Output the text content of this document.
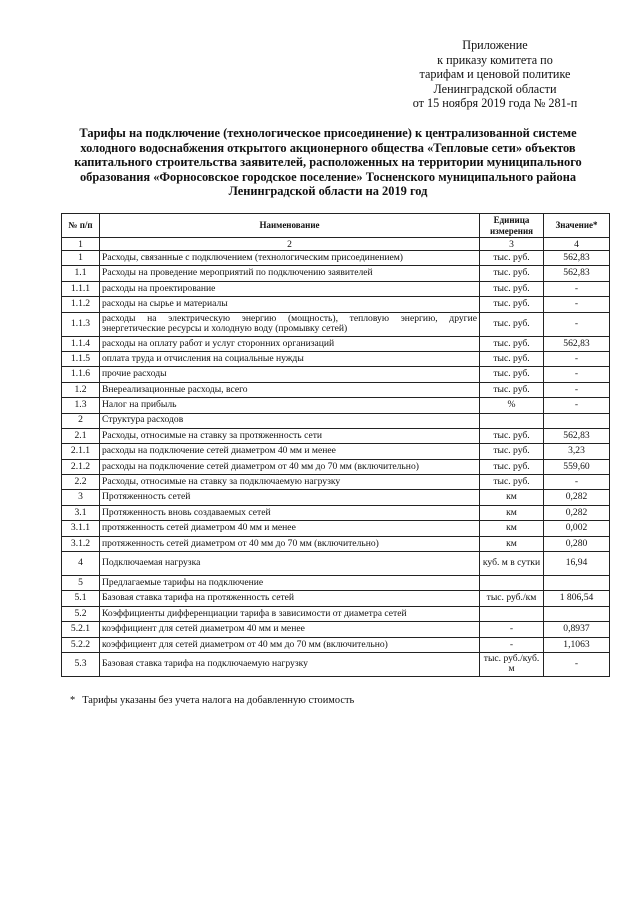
Приложение
к приказу комитета по
тарифам и ценовой политике
Ленинградской области
от 15 ноября 2019 года № 281-п
Тарифы на подключение (технологическое присоединение) к централизованной системе
холодного водоснабжения открытого акционерного общества «Тепловые сети» объектов
капитального строительства заявителей, расположенных на территории муниципального
образования «Форносовское городское поселение» Тосненского муниципального района
Ленинградской области на 2019 год
№ п/п	Наименование	Единица измерения	Значение*
1	2	3	4
1	Расходы, связанные с подключением (технологическим присоединением)	тыс. руб.	562,83
1.1	Расходы на проведение мероприятий по подключению заявителей	тыс. руб.	562,83
1.1.1	расходы на проектирование	тыс. руб.	-
1.1.2	расходы на сырье и материалы	тыс. руб.	-
1.1.3	расходы на электрическую энергию (мощность), тепловую энергию, другие энергетические ресурсы и холодную воду (промывку сетей)	тыс. руб.	-
1.1.4	расходы на оплату работ и услуг сторонних организаций	тыс. руб.	562,83
1.1.5	оплата труда и отчисления на социальные нужды	тыс. руб.	-
1.1.6	прочие расходы	тыс. руб.	-
1.2	Внереализационные расходы, всего	тыс. руб.	-
1.3	Налог на прибыль	%	-
2	Структура расходов		
2.1	Расходы, относимые на ставку за протяженность сети	тыс. руб.	562,83
2.1.1	расходы на подключение сетей диаметром 40 мм и менее	тыс. руб.	3,23
2.1.2	расходы на подключение сетей диаметром от 40 мм до 70 мм (включительно)	тыс. руб.	559,60
2.2	Расходы, относимые на ставку за подключаемую нагрузку	тыс. руб.	-
3	Протяженность сетей	км	0,282
3.1	Протяженность вновь создаваемых сетей	км	0,282
3.1.1	протяженность сетей диаметром 40 мм и менее	км	0,002
3.1.2	протяженность сетей диаметром от 40 мм до 70 мм (включительно)	км	0,280
4	Подключаемая нагрузка	куб. м в сутки	16,94
5	Предлагаемые тарифы на подключение		
5.1	Базовая ставка тарифа на протяженность сетей	тыс. руб./км	1 806,54
5.2	Коэффициенты дифференциации тарифа в зависимости от диаметра сетей		
5.2.1	коэффициент для сетей диаметром 40 мм и менее	-	0,8937
5.2.2	коэффициент для сетей диаметром от 40 мм до 70 мм (включительно)	-	1,1063
5.3	Базовая ставка тарифа на подключаемую нагрузку	тыс. руб./куб. м	-
* Тарифы указаны без учета налога на добавленную стоимость
